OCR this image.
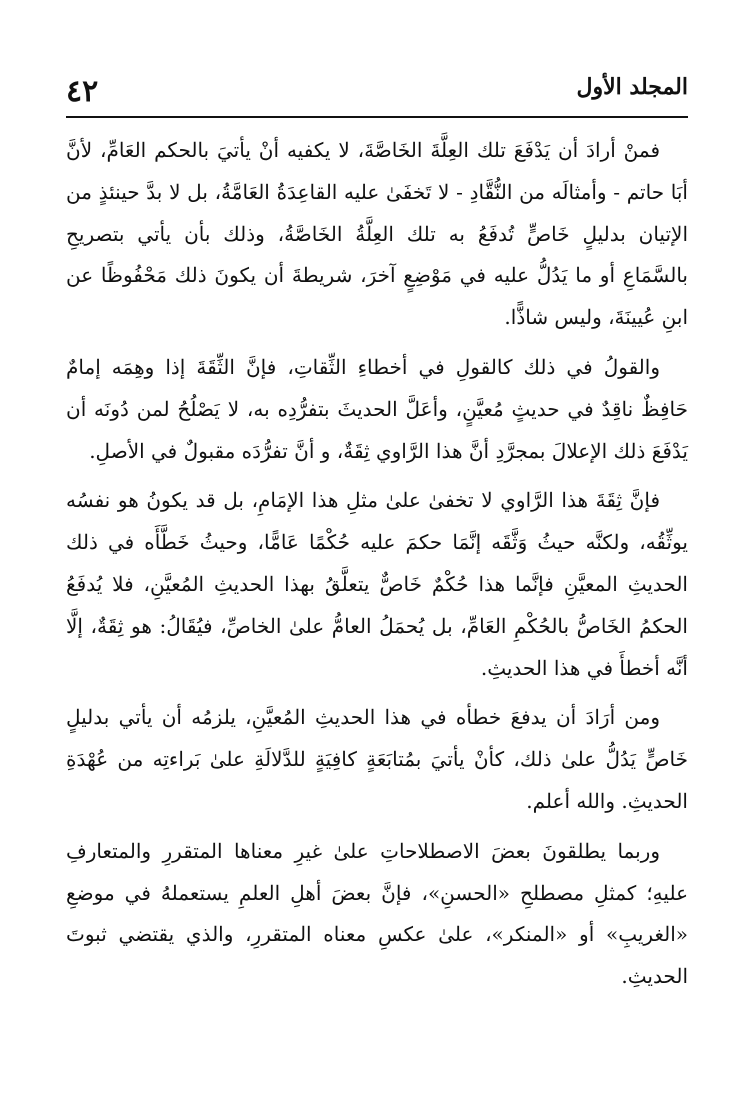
٤٢	المجلد الأول

فمنْ أرادَ أن يَدْفَعَ تلك العِلَّةَ الخَاصَّةَ، لا يكفيه أنْ يأتيَ بالحكم العَامِّ، لأنَّ أبَا حاتم - وأمثالَه من النُّقَّادِ - لا تَخفَىٰ عليه القاعِدَةُ العَامَّةُ، بل لا بدَّ حينئذٍ من الإتيان بدليلٍ خَاصٍّ تُدفَعُ به تلك العِلَّةُ الخَاصَّةُ، وذلك بأن يأتي بتصريحِ بالسَّمَاعِ أو ما يَدُلُّ عليه في مَوْضِعٍ آخرَ، شريطةَ أن يكونَ ذلك مَحْفُوظًا عن ابنِ عُيينَةَ، وليس شاذًّا.

والقولُ في ذلك كالقولِ في أخطاءِ الثِّقاتِ، فإنَّ الثِّقَةَ إذا وهِمَه إمامٌ حَافِظٌ ناقِدٌ في حديثٍ مُعيَّنٍ، وأعَلَّ الحديثَ بتفرُّدِه به، لا يَصْلُحُ لمن دُونَه أن يَدْفَعَ ذلك الإعلالَ بمجرَّدِ أنَّ هذا الرَّاوي ثِقَةٌ، و أنَّ تفرُّدَه مقبولٌ في الأصلِ.

فإنَّ ثِقَةَ هذا الرَّاوي لا تخفىٰ علىٰ مثلِ هذا الإمَامِ، بل قد يكونُ هو نفسُه يوثِّقُه، ولكنَّه حيثُ وَثَّقَه إنَّمَا حكمَ عليه حُكْمًا عَامًّا، وحيثُ خَطَّأَه في ذلك الحديثِ المعيَّنِ فإنَّما هذا حُكْمٌ خَاصٌّ يتعلَّقُ بهذا الحديثِ المُعيَّنِ، فلا يُدفَعُ الحكمُ الخَاصُّ بالحُكْمِ العَامِّ، بل يُحمَلُ العامُّ علىٰ الخاصِّ، فيُقَالُ: هو ثِقَةٌ، إلَّا أنَّه أخطأَ في هذا الحديثِ.

ومن أرَادَ أن يدفعَ خطأه في هذا الحديثِ المُعيَّنِ، يلزمُه أن يأتي بدليلٍ خَاصٍّ يَدُلُّ علىٰ ذلك، كأنْ يأتيَ بمُتابَعَةٍ كافِيَةٍ للدَّلالَةِ علىٰ بَراءتِه من عُهْدَةِ الحديثِ. والله أعلم.

وربما يطلقونَ بعضَ الاصطلاحاتِ علىٰ غيرِ معناها المتقررِ والمتعارفِ عليهِ؛ كمثلِ مصطلحِ «الحسنِ»، فإنَّ بعضَ أهلِ العلمِ يستعملهُ في موضعِ «الغريبِ» أو «المنكر»، علىٰ عكسِ معناه المتقررِ، والذي يقتضي ثبوتَ الحديثِ.
